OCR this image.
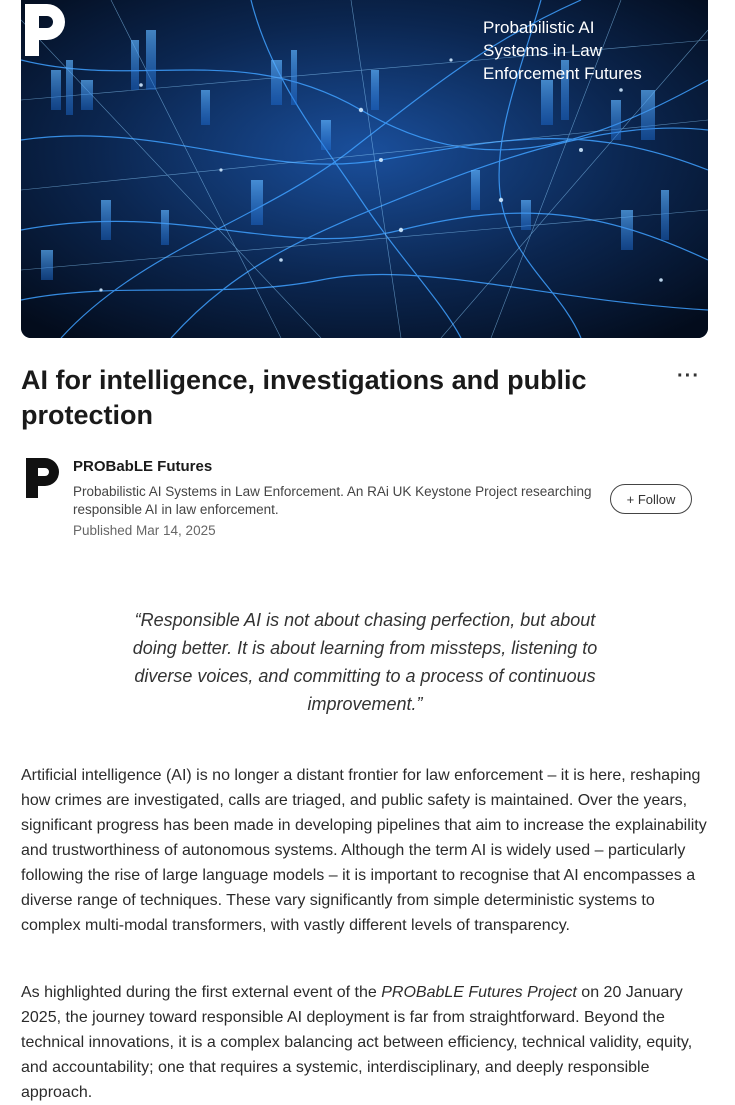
Probabilistic AI
Systems in Law
Enforcement Futures
AI for intelligence, investigations and public protection
···
PROBabLE Futures
Probabilistic AI Systems in Law Enforcement. An RAi UK Keystone Project researching responsible AI in law enforcement.
Published Mar 14, 2025
+ Follow

“Responsible AI is not about chasing perfection, but about doing better. It is about learning from missteps, listening to diverse voices, and committing to a process of continuous improvement.”

Artificial intelligence (AI) is no longer a distant frontier for law enforcement – it is here, reshaping how crimes are investigated, calls are triaged, and public safety is maintained. Over the years, significant progress has been made in developing pipelines that aim to increase the explainability and trustworthiness of autonomous systems. Although the term AI is widely used – particularly following the rise of large language models – it is important to recognise that AI encompasses a diverse range of techniques. These vary significantly from simple deterministic systems to complex multi-modal transformers, with vastly different levels of transparency.

As highlighted during the first external event of the PROBabLE Futures Project on 20 January 2025, the journey toward responsible AI deployment is far from straightforward. Beyond the technical innovations, it is a complex balancing act between efficiency, technical validity, equity, and accountability; one that requires a systemic, interdisciplinary, and deeply responsible approach.
